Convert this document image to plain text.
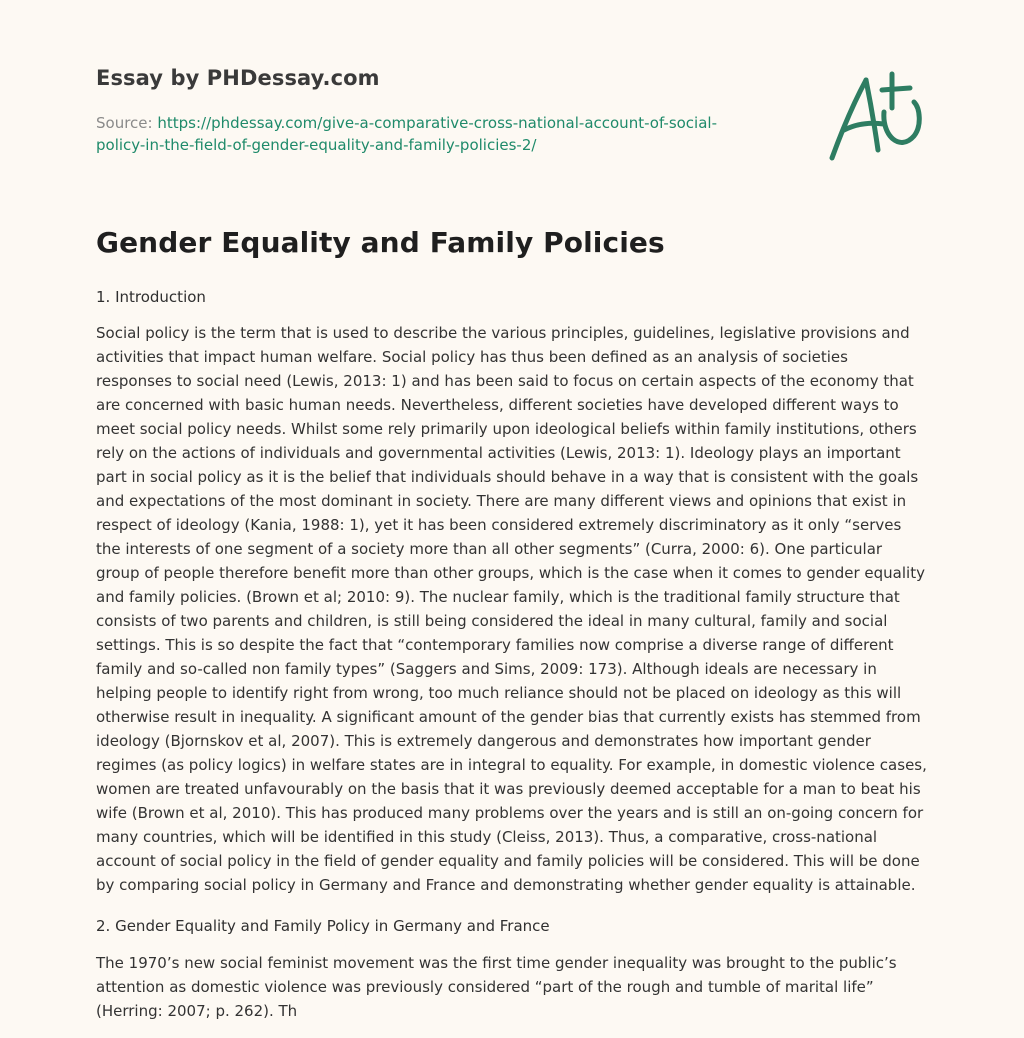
Essay by PHDessay.com

Source: https://phdessay.com/give-a-comparative-cross-national-account-of-social-policy-in-the-field-of-gender-equality-and-family-policies-2/

Gender Equality and Family Policies

1. Introduction

Social policy is the term that is used to describe the various principles, guidelines, legislative provisions and activities that impact human welfare. Social policy has thus been defined as an analysis of societies responses to social need (Lewis, 2013: 1) and has been said to focus on certain aspects of the economy that are concerned with basic human needs. Nevertheless, different societies have developed different ways to meet social policy needs. Whilst some rely primarily upon ideological beliefs within family institutions, others rely on the actions of individuals and governmental activities (Lewis, 2013: 1). Ideology plays an important part in social policy as it is the belief that individuals should behave in a way that is consistent with the goals and expectations of the most dominant in society. There are many different views and opinions that exist in respect of ideology (Kania, 1988: 1), yet it has been considered extremely discriminatory as it only “serves the interests of one segment of a society more than all other segments” (Curra, 2000: 6). One particular group of people therefore benefit more than other groups, which is the case when it comes to gender equality and family policies. (Brown et al; 2010: 9). The nuclear family, which is the traditional family structure that consists of two parents and children, is still being considered the ideal in many cultural, family and social settings. This is so despite the fact that “contemporary families now comprise a diverse range of different family and so-called non family types” (Saggers and Sims, 2009: 173). Although ideals are necessary in helping people to identify right from wrong, too much reliance should not be placed on ideology as this will otherwise result in inequality. A significant amount of the gender bias that currently exists has stemmed from ideology (Bjornskov et al, 2007). This is extremely dangerous and demonstrates how important gender regimes (as policy logics) in welfare states are in integral to equality. For example, in domestic violence cases, women are treated unfavourably on the basis that it was previously deemed acceptable for a man to beat his wife (Brown et al, 2010). This has produced many problems over the years and is still an on-going concern for many countries, which will be identified in this study (Cleiss, 2013). Thus, a comparative, cross-national account of social policy in the field of gender equality and family policies will be considered. This will be done by comparing social policy in Germany and France and demonstrating whether gender equality is attainable.

2. Gender Equality and Family Policy in Germany and France

The 1970’s new social feminist movement was the first time gender inequality was brought to the public’s attention as domestic violence was previously considered “part of the rough and tumble of marital life” (Herring: 2007; p. 262). Th
